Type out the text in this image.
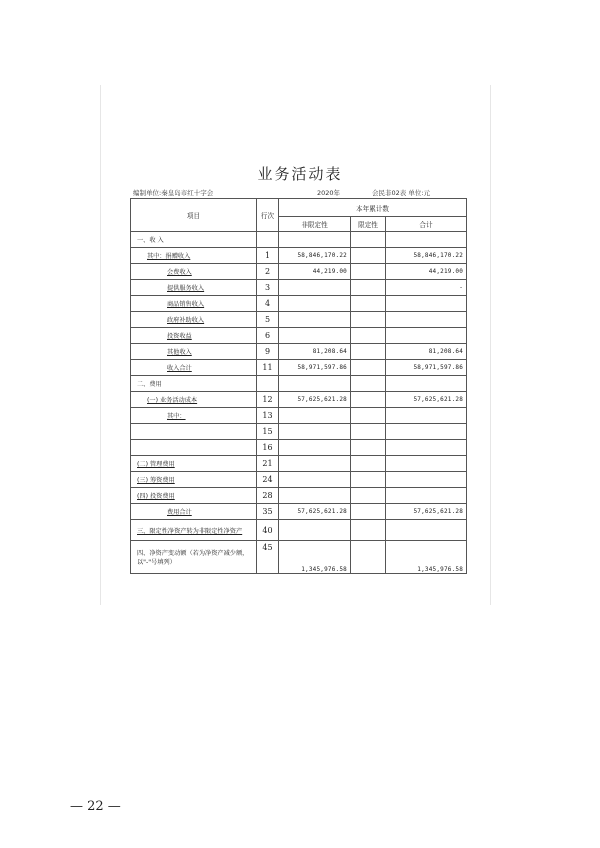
业务活动表
编制单位:秦皇岛市红十字会	2020年	会民非02表 单位:元
项目	行次	本年累计数		
		非限定性	限定性	合计
一、收 入				
其中：捐赠收入	1	58,846,170.22		58,846,170.22
会费收入	2	44,219.00		44,219.00
提供服务收入	3			-
商品销售收入	4			
政府补助收入	5			
投资收益	6			
其他收入	9	81,208.64		81,208.64
收入合计	11	58,971,597.86		58,971,597.86
二、费用				
(一) 业务活动成本	12	57,625,621.28		57,625,621.28
其中：	13			
	15			
	16			
(二) 管理费用	21			
(三) 筹资费用	24			
(四) 投资费用	28			
费用合计	35	57,625,621.28		57,625,621.28
三、限定性净资产转为非限定性净资产	40			
四、净资产变动额（若为净资产减少额，以"-"号填列）	45	1,345,976.58		1,345,976.58
— 22 —
